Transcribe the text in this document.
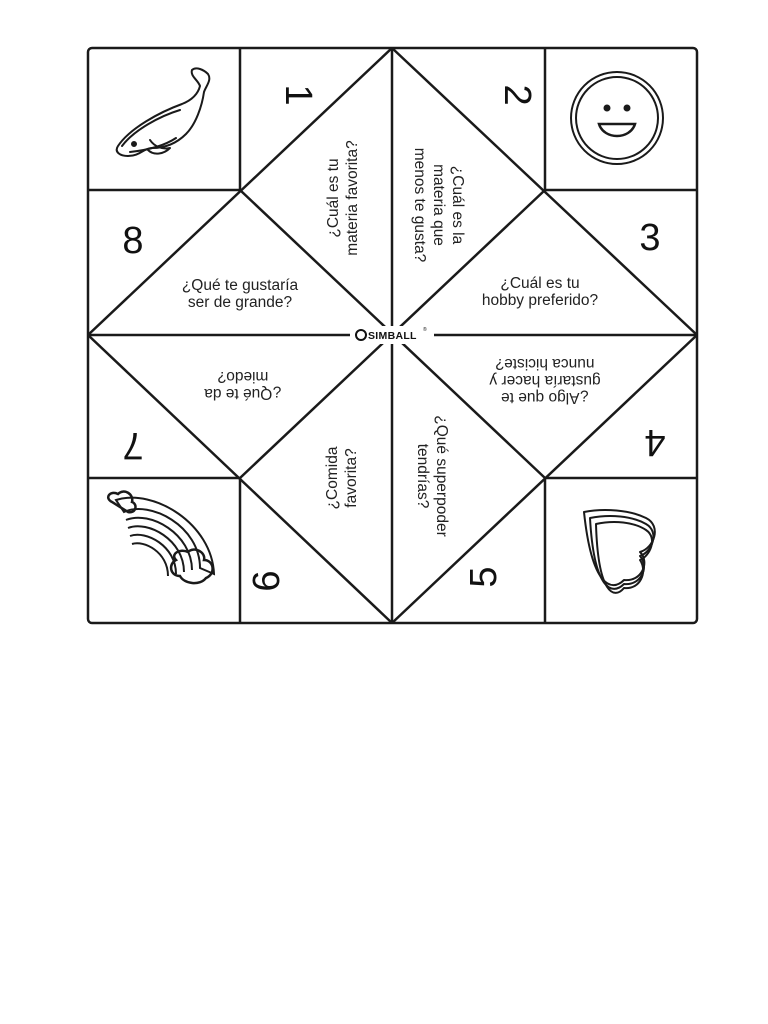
SIMBALL ®
1	2
3
4
5
6
7
8
¿Cuál es tu materia favorita?	¿Cuál es la
materia que
menos te gusta?
¿Cuál es tu
hobby preferido?
¿Algo que te
gustaría hacer y
nunca hiciste?
¿Qué superpoder
tendrías?
¿Comida favorita?
¿Qué te da
miedo?
¿Qué te gustaría
ser de grande?
